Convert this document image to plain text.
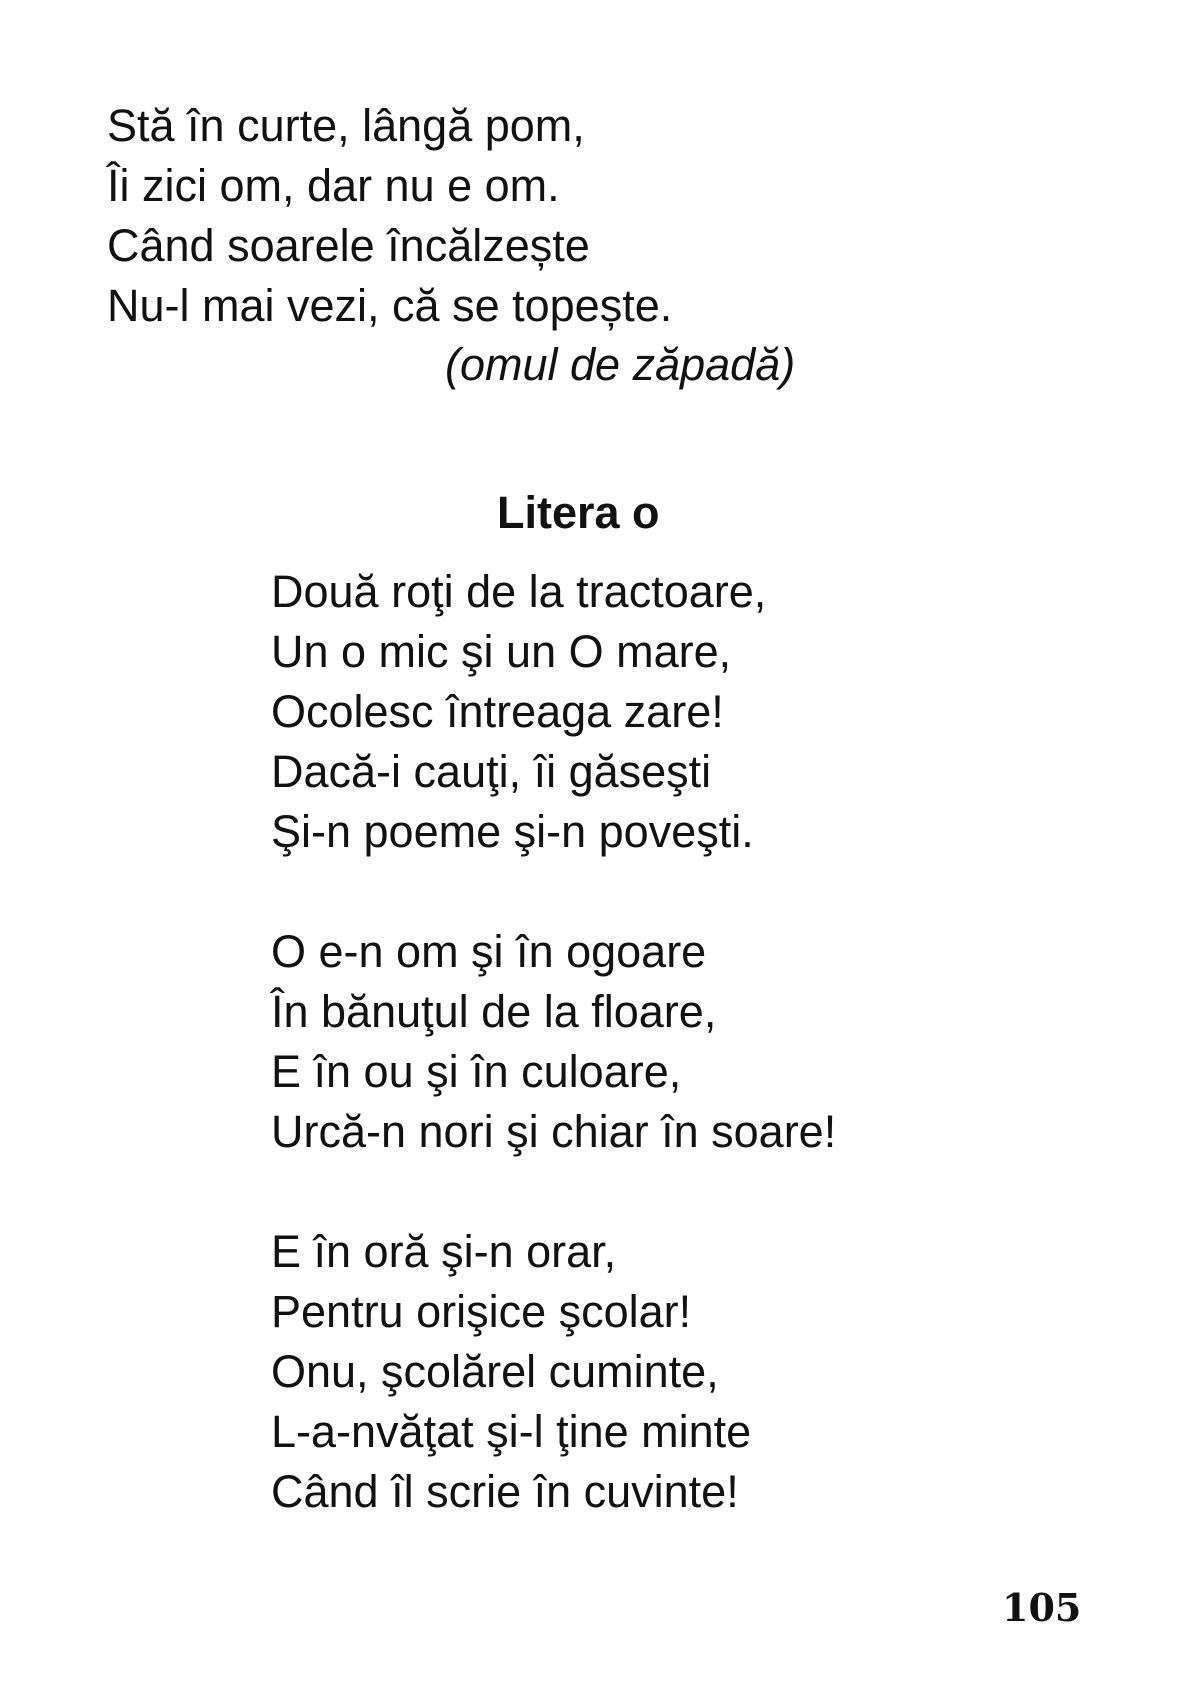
Stă în curte, lângă pom,
Îi zici om, dar nu e om.
Când soarele încălzește
Nu-l mai vezi, că se topește.
(omul de zăpadă)
Litera o
Două roţi de la tractoare,
Un o mic şi un O mare,
Ocolesc întreaga zare!
Dacă-i cauţi, îi găseşti
Şi-n poeme şi-n poveşti.
O e-n om şi în ogoare
În bănuţul de la floare,
E în ou şi în culoare,
Urcă-n nori şi chiar în soare!
E în oră şi-n orar,
Pentru orişice şcolar!
Onu, şcolărel cuminte,
L-a-nvăţat şi-l ţine minte
Când îl scrie în cuvinte!
105
